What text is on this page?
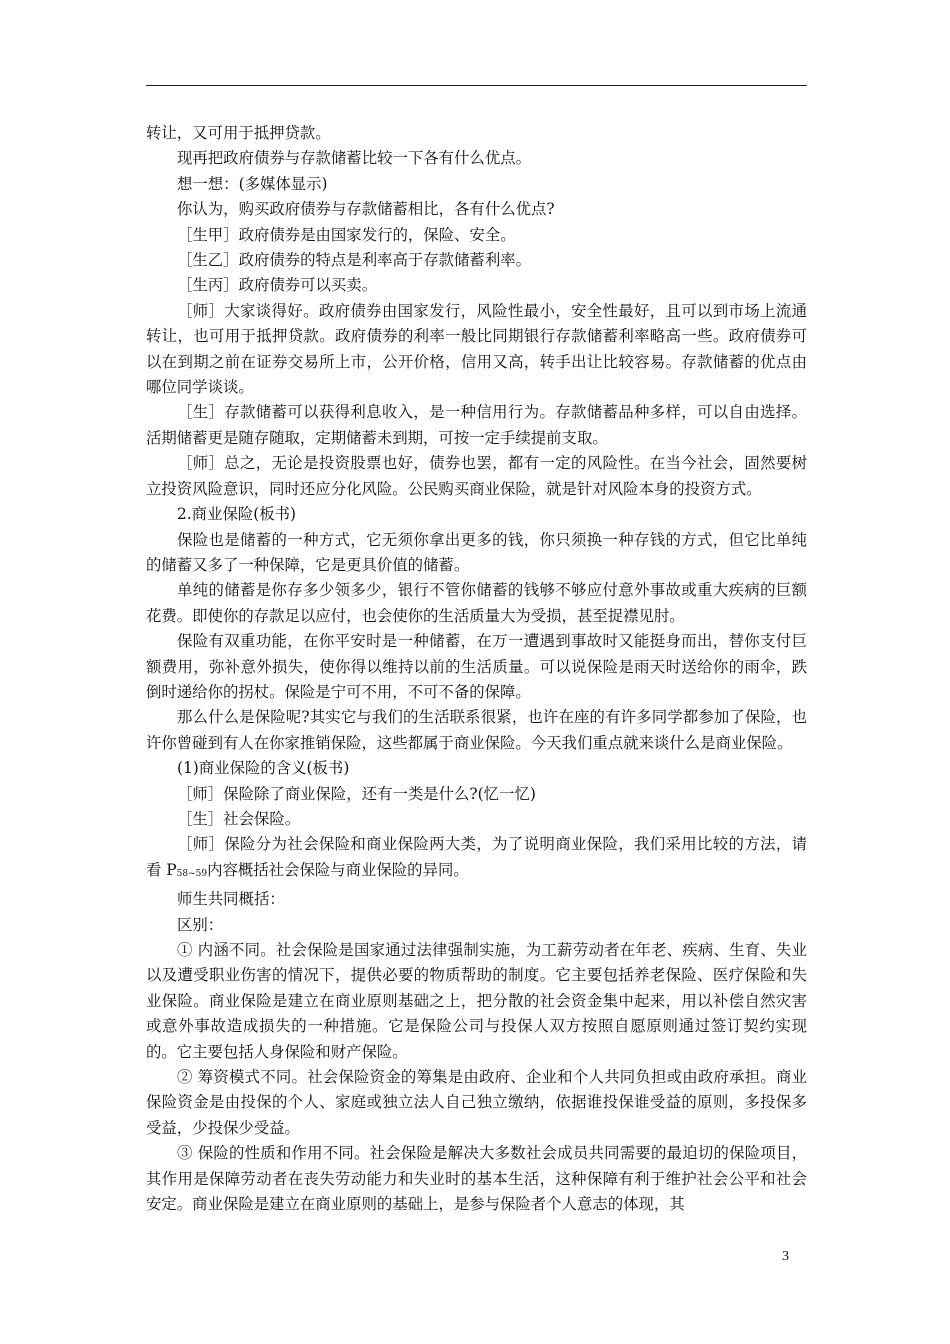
转让，又可用于抵押贷款。

现再把政府债券与存款储蓄比较一下各有什么优点。

想一想：(多媒体显示)

你认为，购买政府债券与存款储蓄相比，各有什么优点?

［生甲］政府债券是由国家发行的，保险、安全。

［生乙］政府债券的特点是利率高于存款储蓄利率。

［生丙］政府债券可以买卖。

［师］大家谈得好。政府债券由国家发行，风险性最小，安全性最好，且可以到市场上流通转让，也可用于抵押贷款。政府债券的利率一般比同期银行存款储蓄利率略高一些。政府债券可以在到期之前在证券交易所上市，公开价格，信用又高，转手出让比较容易。存款储蓄的优点由哪位同学谈谈。

［生］存款储蓄可以获得利息收入，是一种信用行为。存款储蓄品种多样，可以自由选择。活期储蓄更是随存随取，定期储蓄未到期，可按一定手续提前支取。

［师］总之，无论是投资股票也好，债券也罢，都有一定的风险性。在当今社会，固然要树立投资风险意识，同时还应分化风险。公民购买商业保险，就是针对风险本身的投资方式。

2.商业保险(板书)

保险也是储蓄的一种方式，它无须你拿出更多的钱，你只须换一种存钱的方式，但它比单纯的储蓄又多了一种保障，它是更具价值的储蓄。

单纯的储蓄是你存多少领多少，银行不管你储蓄的钱够不够应付意外事故或重大疾病的巨额花费。即使你的存款足以应付，也会使你的生活质量大为受损，甚至捉襟见肘。

保险有双重功能，在你平安时是一种储蓄，在万一遭遇到事故时又能挺身而出，替你支付巨额费用，弥补意外损失，使你得以维持以前的生活质量。可以说保险是雨天时送给你的雨伞，跌倒时递给你的拐杖。保险是宁可不用，不可不备的保障。

那么什么是保险呢?其实它与我们的生活联系很紧，也许在座的有许多同学都参加了保险，也许你曾碰到有人在你家推销保险，这些都属于商业保险。今天我们重点就来谈什么是商业保险。

(1)商业保险的含义(板书)

［师］保险除了商业保险，还有一类是什么?(忆一忆)

［生］社会保险。

［师］保险分为社会保险和商业保险两大类，为了说明商业保险，我们采用比较的方法，请看 $P_{58\sim 59}$内容概括社会保险与商业保险的异同。

师生共同概括：

区别：

① 内涵不同。社会保险是国家通过法律强制实施，为工薪劳动者在年老、疾病、生育、失业以及遭受职业伤害的情况下，提供必要的物质帮助的制度。它主要包括养老保险、医疗保险和失业保险。商业保险是建立在商业原则基础之上，把分散的社会资金集中起来，用以补偿自然灾害或意外事故造成损失的一种措施。它是保险公司与投保人双方按照自愿原则通过签订契约实现的。它主要包括人身保险和财产保险。

② 筹资模式不同。社会保险资金的筹集是由政府、企业和个人共同负担或由政府承担。商业保险资金是由投保的个人、家庭或独立法人自己独立缴纳，依据谁投保谁受益的原则，多投保多受益，少投保少受益。

③ 保险的性质和作用不同。社会保险是解决大多数社会成员共同需要的最迫切的保险项目，其作用是保障劳动者在丧失劳动能力和失业时的基本生活，这种保障有利于维护社会公平和社会安定。商业保险是建立在商业原则的基础上，是参与保险者个人意志的体现，其

3
